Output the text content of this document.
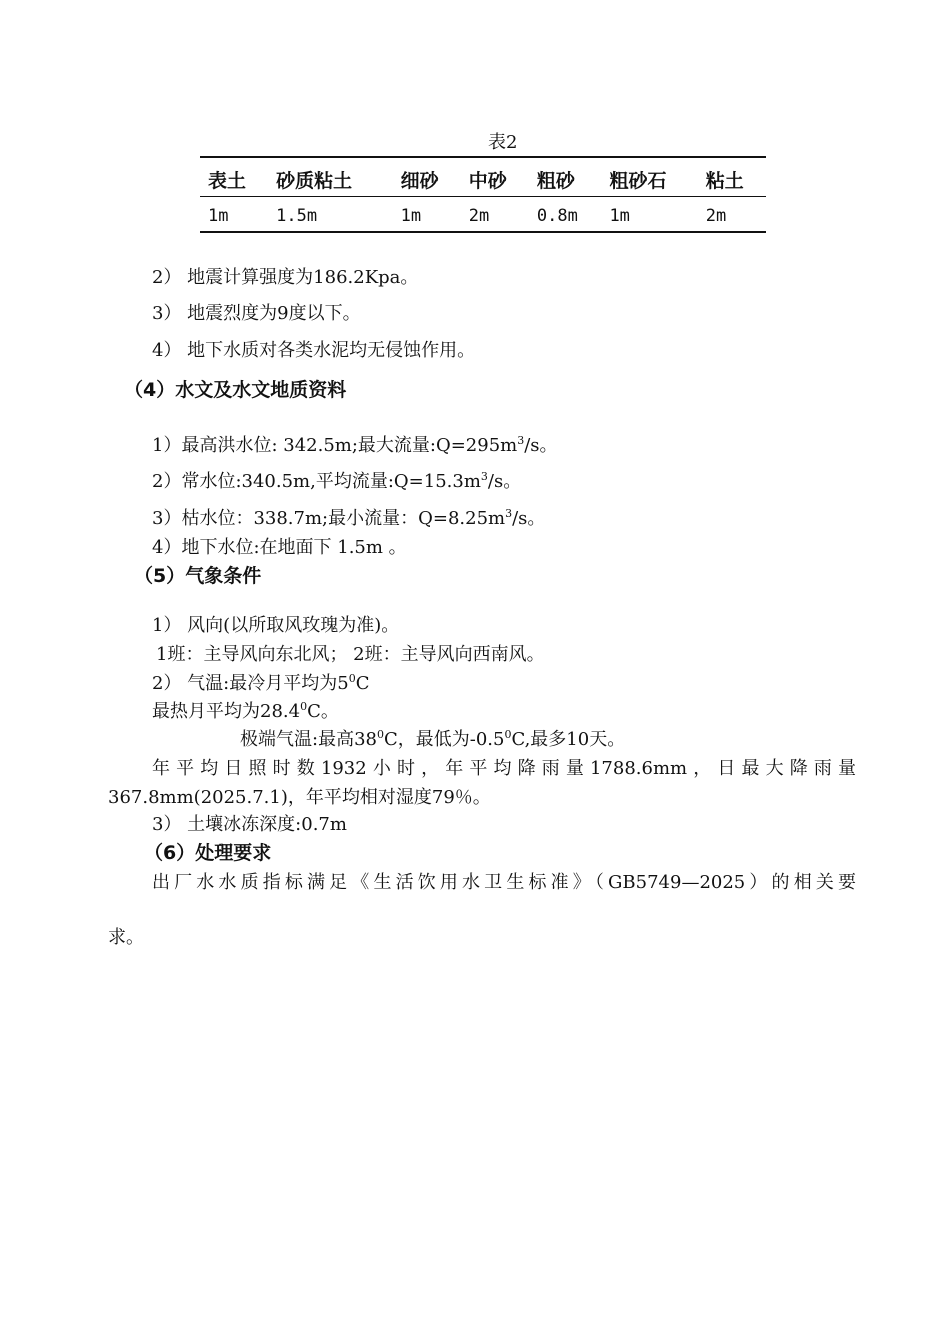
表2
表土	砂质粘土	细砂	中砂	粗砂	粗砂石	粘土
1m	1.5m	1m	2m	0.8m	1m	2m
2） 地震计算强度为186.2Kpa。
3） 地震烈度为9度以下。
4） 地下水质对各类水泥均无侵蚀作用。
（4）水文及水文地质资料
1）最高洪水位: 342.5m;最大流量$:Q=295m^3/s$。
2）常水位:340.5m,平均流量$:Q=15.3m^3/s$。
3）枯水位：338.7m;最小流量：$Q=8.25m^3/s$。
4）地下水位:在地面下 1.5m 。
（5）气象条件
1） 风向(以所取风玫瑰为准)。
1班：主导风向东北风； 2班：主导风向西南风。
2） 气温:最冷月平均为$5^0C$
最热月平均为28.4$^0$C。
极端气温:最高$38^0C$，最低为$-0.5^0C$,最多10天。
年平均日照时数1932小时，年平均降雨量1788.6mm，日最大降雨量
367.8mm(2025.7.1)，年平均相对湿度79％。
3） 土壤冰冻深度:0.7m
（6）处理要求
出厂水水质指标满足《生活饮用水卫生标准》（GB5749—2025）的相关要
求。
